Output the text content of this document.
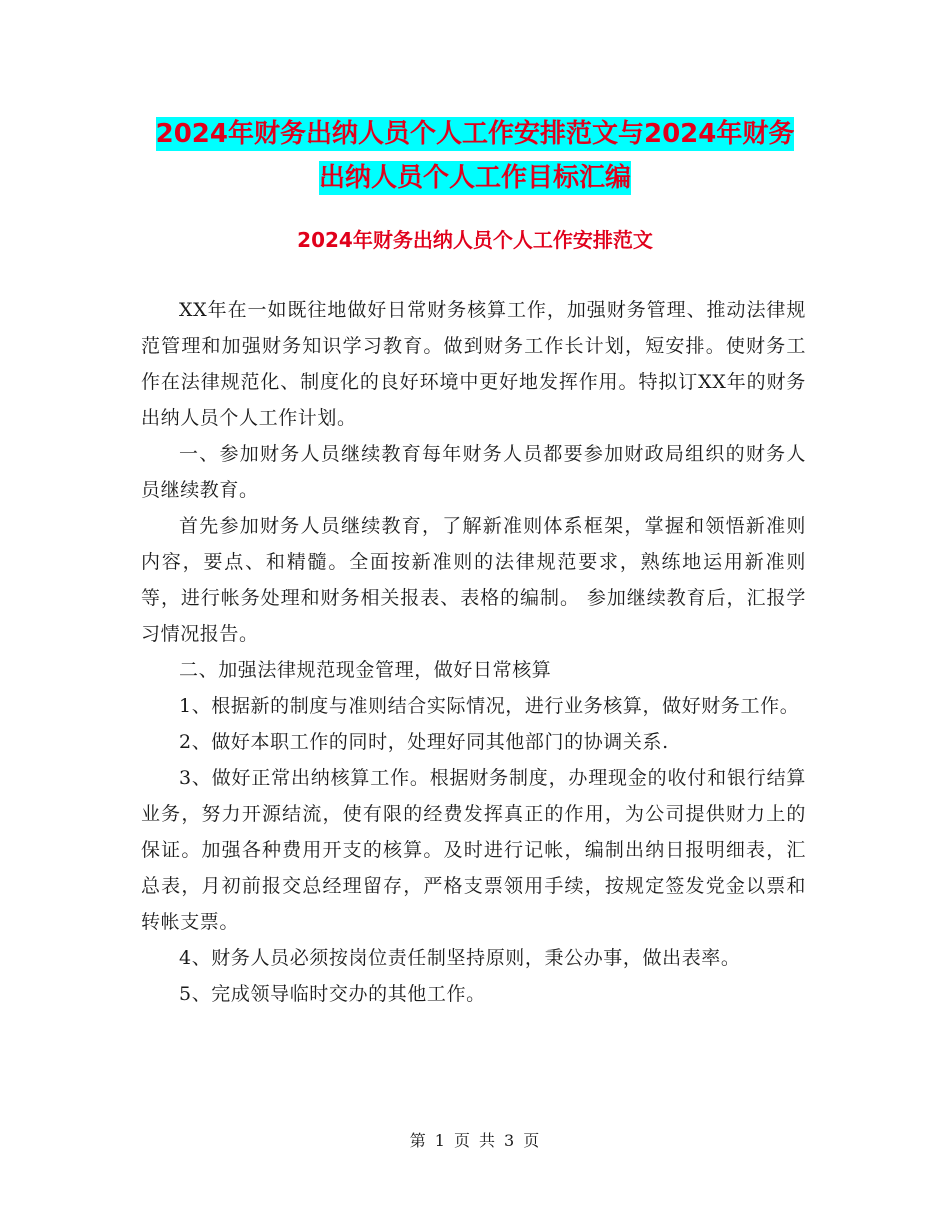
2024年财务出纳人员个人工作安排范文与2024年财务
出纳人员个人工作目标汇编
2024年财务出纳人员个人工作安排范文

XX年在一如既往地做好日常财务核算工作，加强财务管理、推动法律规范管理和加强财务知识学习教育。做到财务工作长计划，短安排。使财务工作在法律规范化、制度化的良好环境中更好地发挥作用。特拟订XX年的财务出纳人员个人工作计划。

一、参加财务人员继续教育每年财务人员都要参加财政局组织的财务人员继续教育。

首先参加财务人员继续教育，了解新准则体系框架，掌握和领悟新准则内容，要点、和精髓。全面按新准则的法律规范要求，熟练地运用新准则等，进行帐务处理和财务相关报表、表格的编制。 参加继续教育后，汇报学习情况报告。

二、加强法律规范现金管理，做好日常核算

1、根据新的制度与准则结合实际情况，进行业务核算，做好财务工作。

2、做好本职工作的同时，处理好同其他部门的协调关系.

3、做好正常出纳核算工作。根据财务制度，办理现金的收付和银行结算业务，努力开源结流，使有限的经费发挥真正的作用，为公司提供财力上的保证。加强各种费用开支的核算。及时进行记帐，编制出纳日报明细表，汇总表，月初前报交总经理留存，严格支票领用手续，按规定签发党金以票和转帐支票。

4、财务人员必须按岗位责任制坚持原则，秉公办事，做出表率。

5、完成领导临时交办的其他工作。

第 1 页 共 3 页
